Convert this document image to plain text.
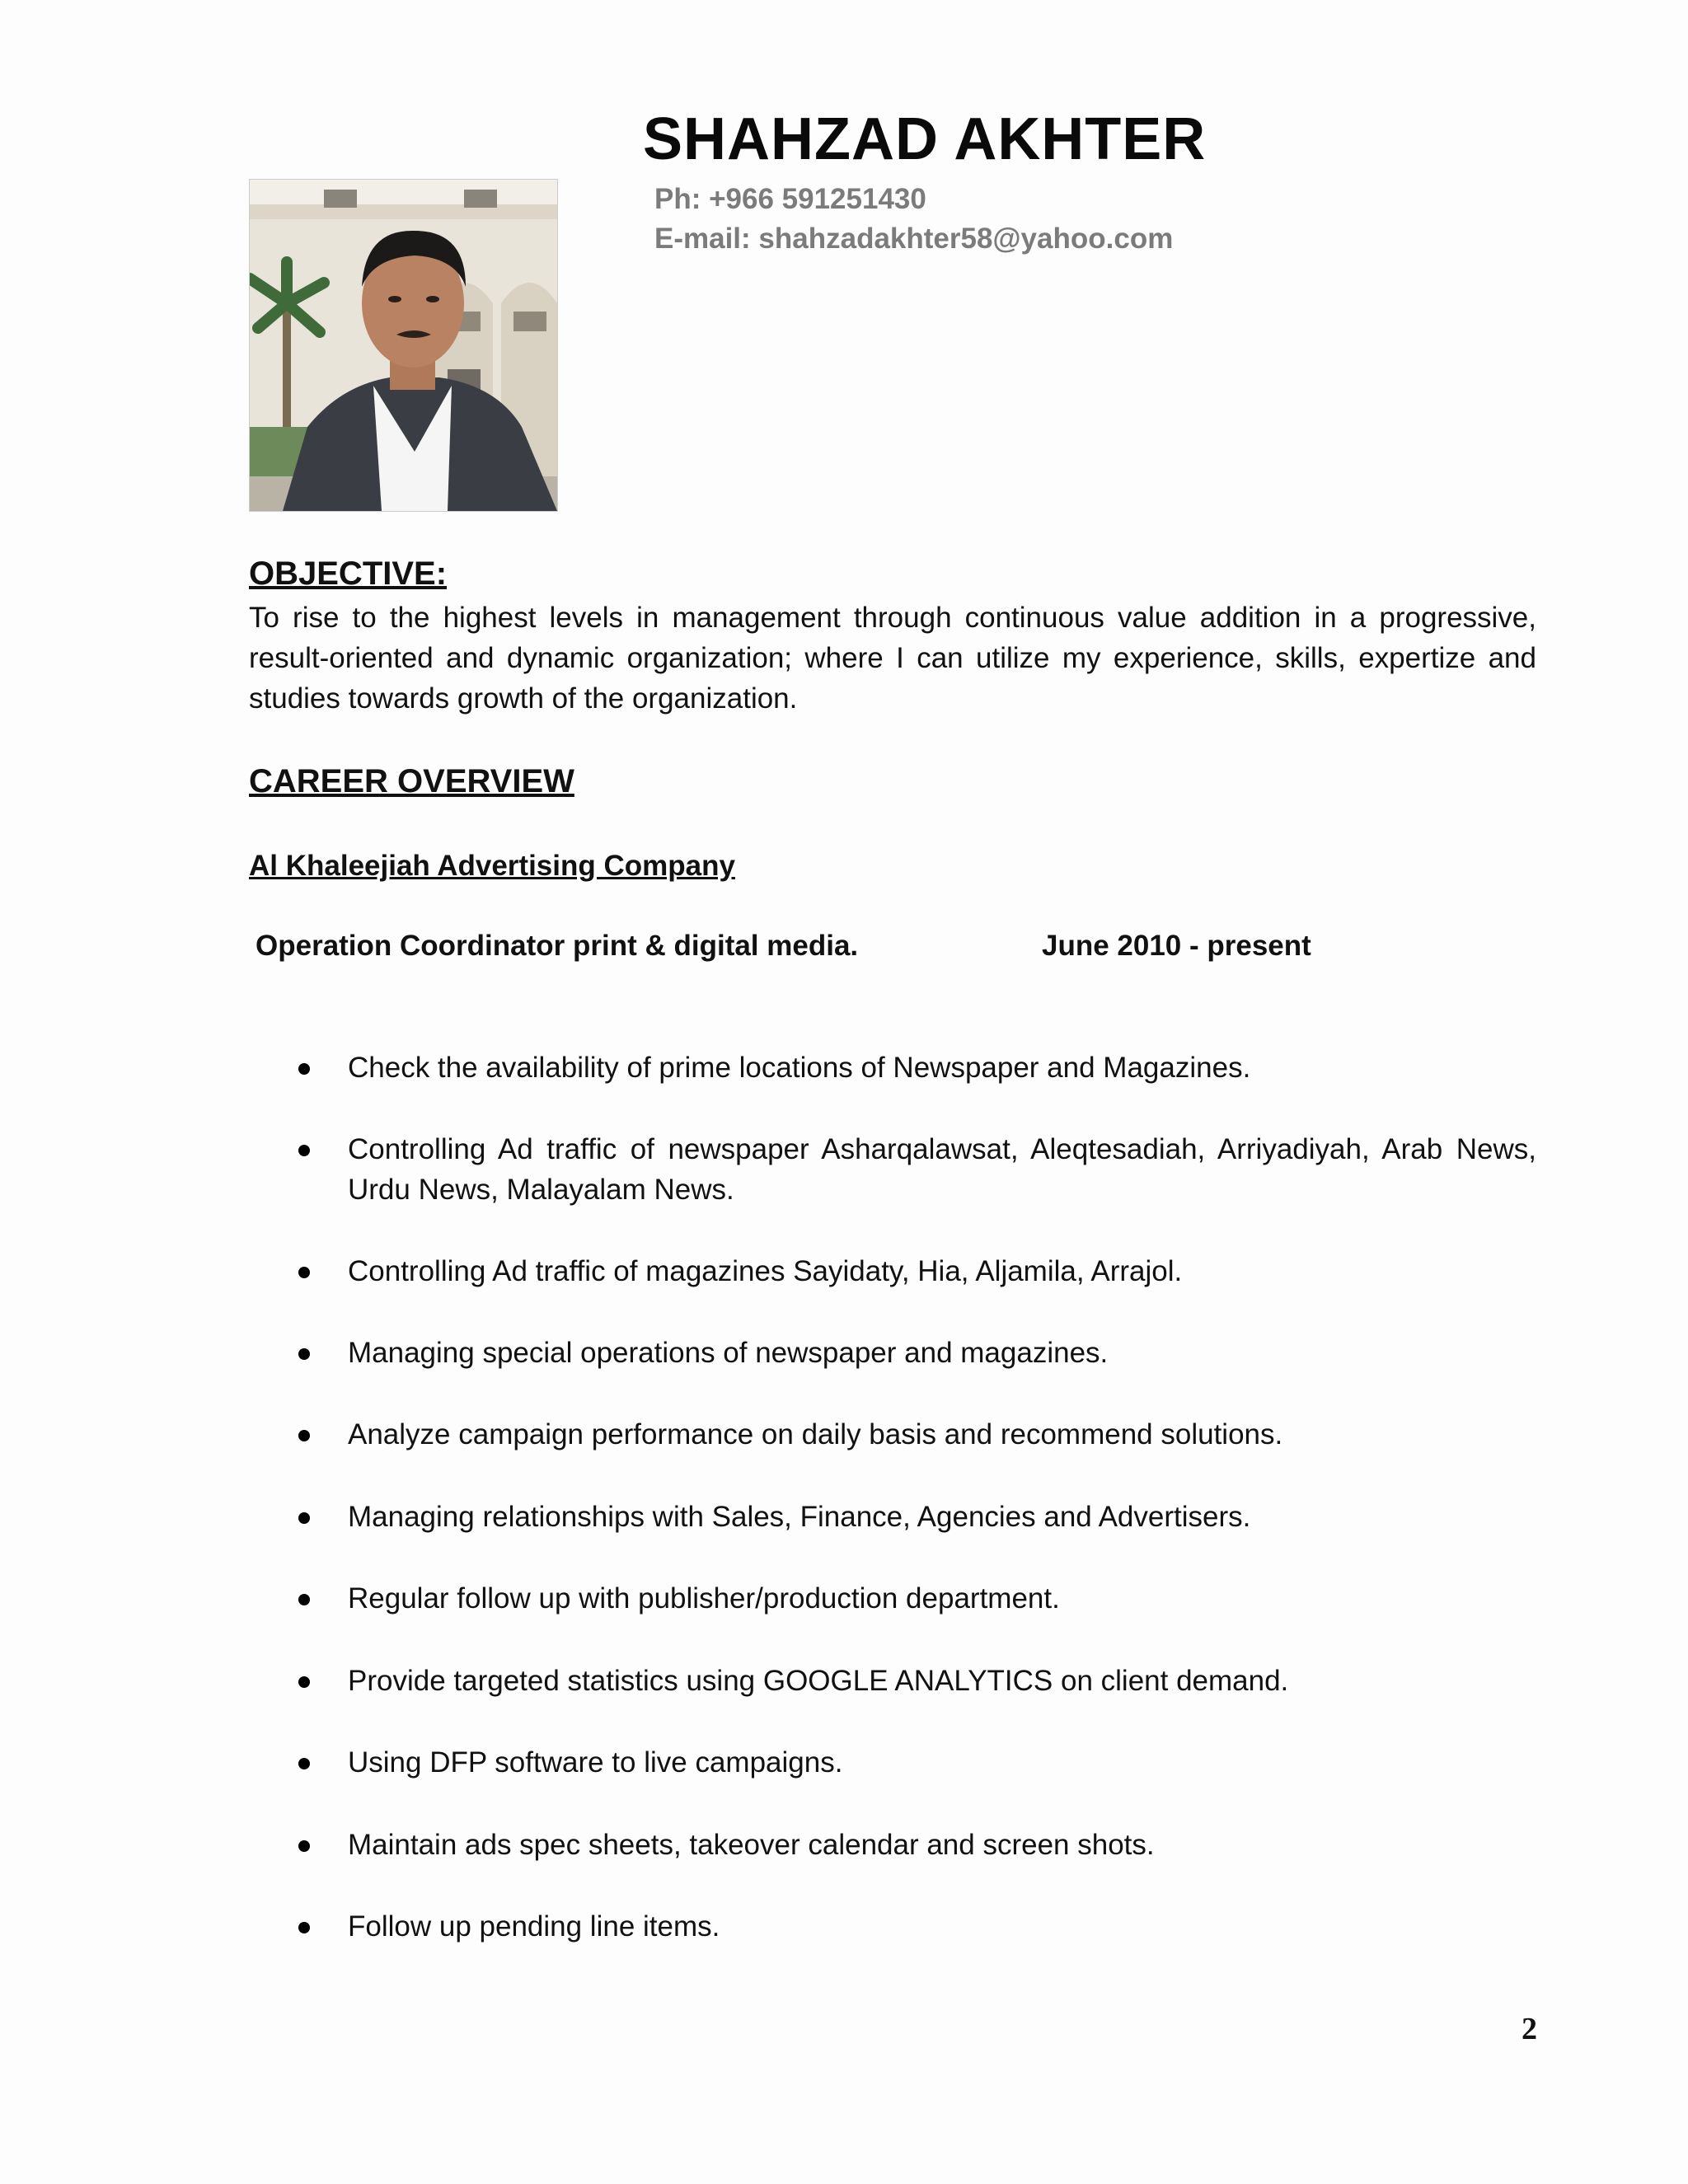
SHAHZAD AKHTER
Ph: +966 591251430
E-mail: shahzadakhter58@yahoo.com
OBJECTIVE:
To rise to the highest levels in management through continuous value addition in a progressive, result-oriented and dynamic organization; where I can utilize my experience, skills, expertize and studies towards growth of the organization.
CAREER OVERVIEW
Al Khaleejiah Advertising Company
Operation Coordinator print & digital media.	June 2010 - present
Check the availability of prime locations of Newspaper and Magazines.
Controlling Ad traffic of newspaper Asharqalawsat, Aleqtesadiah, Arriyadiyah, Arab News, Urdu News, Malayalam News.
Controlling Ad traffic of magazines Sayidaty, Hia, Aljamila, Arrajol.
Managing special operations of newspaper and magazines.
Analyze campaign performance on daily basis and recommend solutions.
Managing relationships with Sales, Finance, Agencies and Advertisers.
Regular follow up with publisher/production department.
Provide targeted statistics using GOOGLE ANALYTICS on client demand.
Using DFP software to live campaigns.
Maintain ads spec sheets, takeover calendar and screen shots.
Follow up pending line items.
2
